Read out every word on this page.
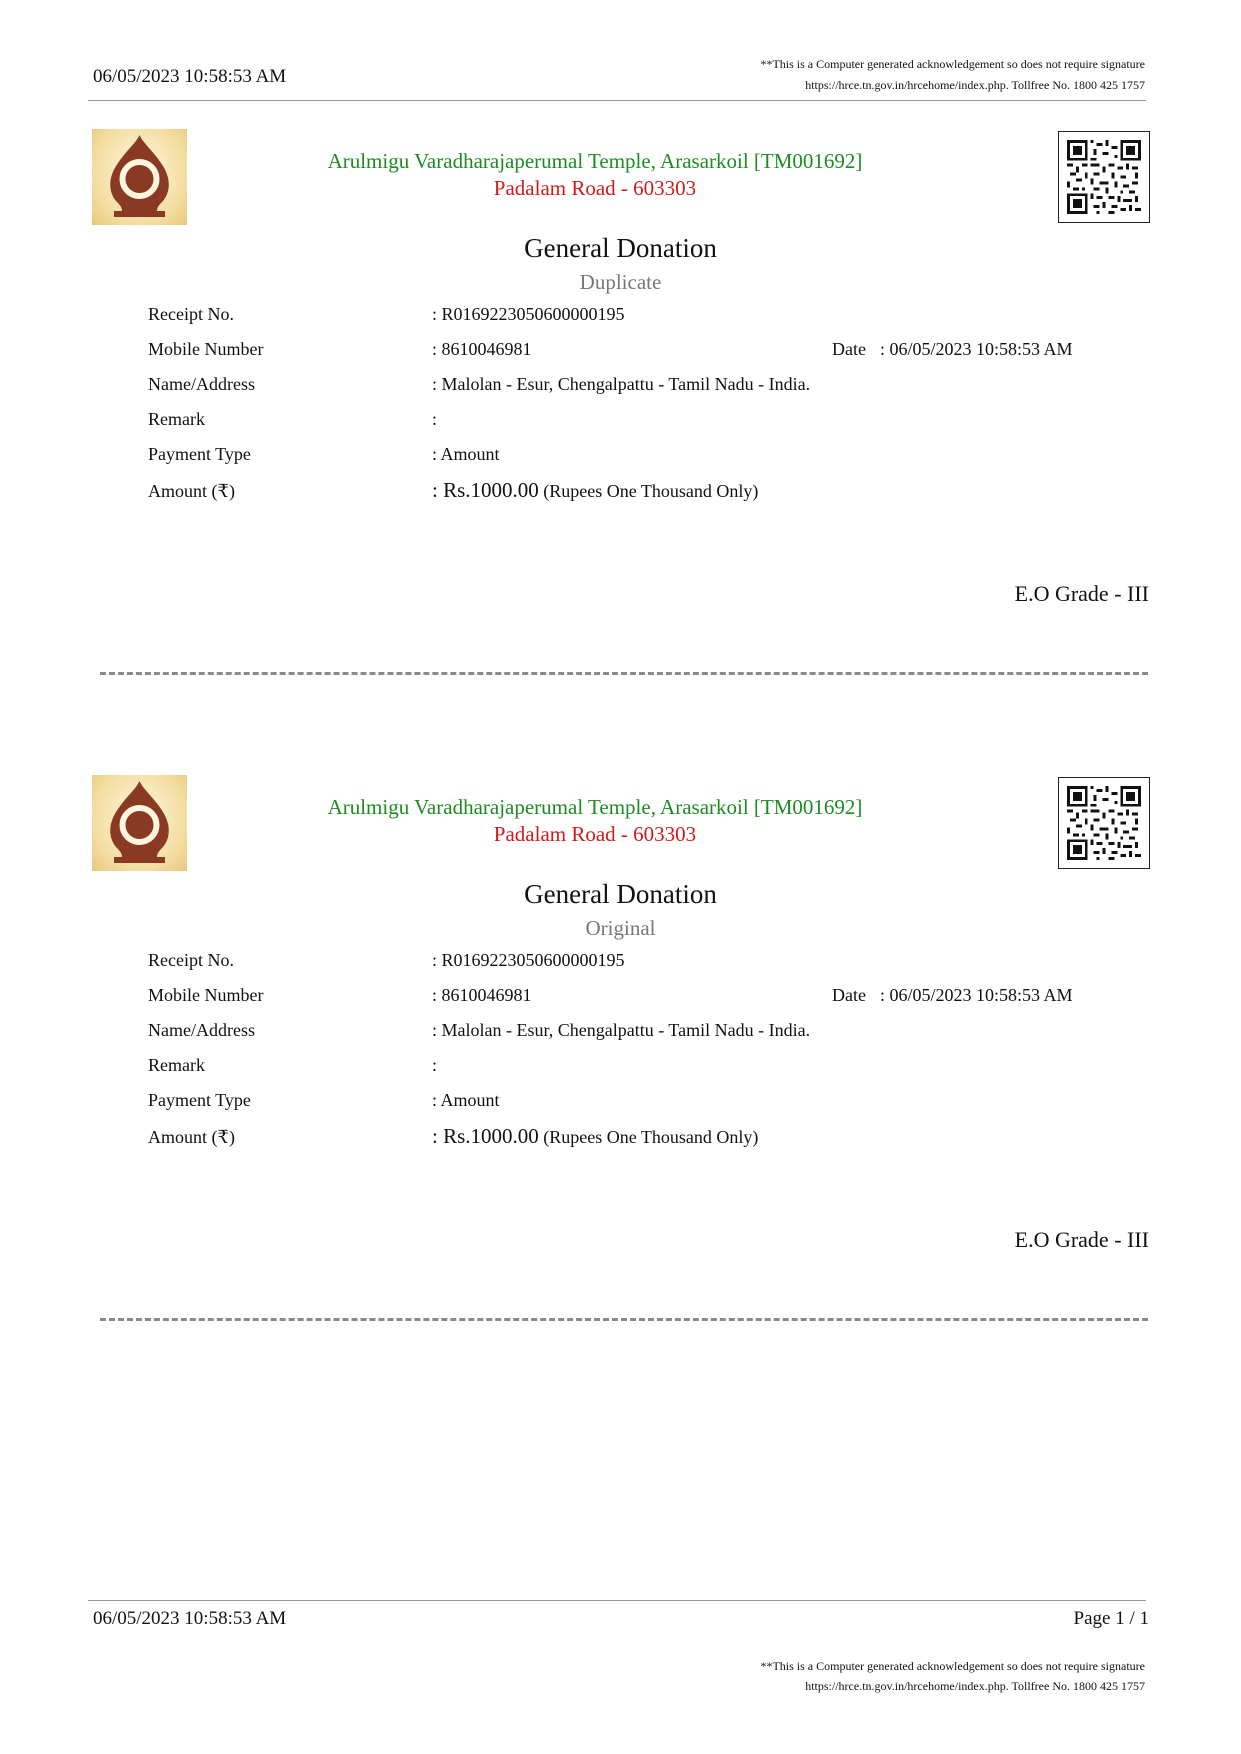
06/05/2023 10:58:53 AM
**This is a Computer generated acknowledgement so does not require signature
https://hrce.tn.gov.in/hrcehome/index.php. Tollfree No. 1800 425 1757
Arulmigu Varadharajaperumal Temple, Arasarkoil [TM001692]
Padalam Road - 603303
General Donation
Duplicate
Receipt No.	: R0169223050600000195
Mobile Number	: 8610046981	Date : 06/05/2023 10:58:53 AM
Name/Address	: Malolan - Esur, Chengalpattu - Tamil Nadu - India.
Remark	:
Payment Type	: Amount
Amount (₹)	: Rs.1000.00 (Rupees One Thousand Only)
E.O Grade - III
Arulmigu Varadharajaperumal Temple, Arasarkoil [TM001692]
Padalam Road - 603303
General Donation
Original
Receipt No.	: R0169223050600000195
Mobile Number	: 8610046981	Date : 06/05/2023 10:58:53 AM
Name/Address	: Malolan - Esur, Chengalpattu - Tamil Nadu - India.
Remark	:
Payment Type	: Amount
Amount (₹)	: Rs.1000.00 (Rupees One Thousand Only)
E.O Grade - III
06/05/2023 10:58:53 AM	Page 1 / 1
**This is a Computer generated acknowledgement so does not require signature
https://hrce.tn.gov.in/hrcehome/index.php. Tollfree No. 1800 425 1757
